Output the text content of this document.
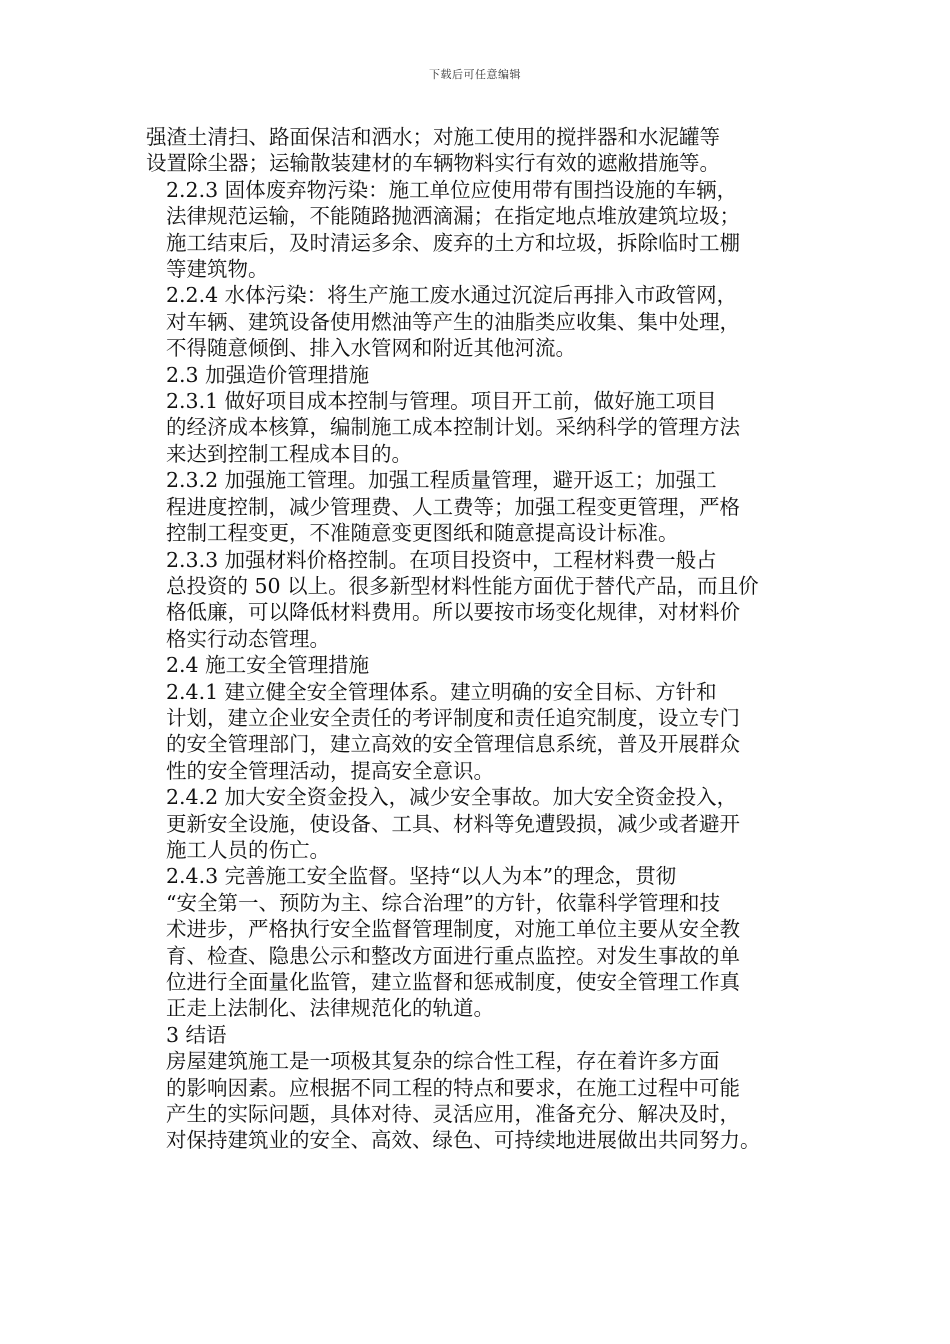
下载后可任意编辑

强渣土清扫、路面保洁和洒水；对施工使用的搅拌器和水泥罐等
设置除尘器；运输散装建材的车辆物料实行有效的遮敝措施等。

2.2.3 固体废弃物污染：施工单位应使用带有围挡设施的车辆，
法律规范运输，不能随路抛洒滴漏；在指定地点堆放建筑垃圾；
施工结束后，及时清运多余、废弃的土方和垃圾，拆除临时工棚
等建筑物。

2.2.4 水体污染：将生产施工废水通过沉淀后再排入市政管网，
对车辆、建筑设备使用燃油等产生的油脂类应收集、集中处理，
不得随意倾倒、排入水管网和附近其他河流。

2.3 加强造价管理措施

2.3.1 做好项目成本控制与管理。项目开工前，做好施工项目
的经济成本核算，编制施工成本控制计划。采纳科学的管理方法
来达到控制工程成本目的。

2.3.2 加强施工管理。加强工程质量管理，避开返工；加强工
程进度控制，减少管理费、人工费等；加强工程变更管理，严格
控制工程变更，不准随意变更图纸和随意提高设计标准。

2.3.3 加强材料价格控制。在项目投资中，工程材料费一般占
总投资的 50 以上。很多新型材料性能方面优于替代产品，而且价
格低廉，可以降低材料费用。所以要按市场变化规律，对材料价
格实行动态管理。

2.4 施工安全管理措施

2.4.1 建立健全安全管理体系。建立明确的安全目标、方针和
计划，建立企业安全责任的考评制度和责任追究制度，设立专门
的安全管理部门，建立高效的安全管理信息系统，普及开展群众
性的安全管理活动，提高安全意识。

2.4.2 加大安全资金投入，减少安全事故。加大安全资金投入，
更新安全设施，使设备、工具、材料等免遭毁损，减少或者避开
施工人员的伤亡。

2.4.3 完善施工安全监督。坚持“以人为本”的理念，贯彻
“安全第一、预防为主、综合治理”的方针，依靠科学管理和技
术进步，严格执行安全监督管理制度，对施工单位主要从安全教
育、检查、隐患公示和整改方面进行重点监控。对发生事故的单
位进行全面量化监管，建立监督和惩戒制度，使安全管理工作真
正走上法制化、法律规范化的轨道。

3 结语

房屋建筑施工是一项极其复杂的综合性工程，存在着许多方面
的影响因素。应根据不同工程的特点和要求，在施工过程中可能
产生的实际问题，具体对待、灵活应用，准备充分、解决及时，
对保持建筑业的安全、高效、绿色、可持续地进展做出共同努力。
